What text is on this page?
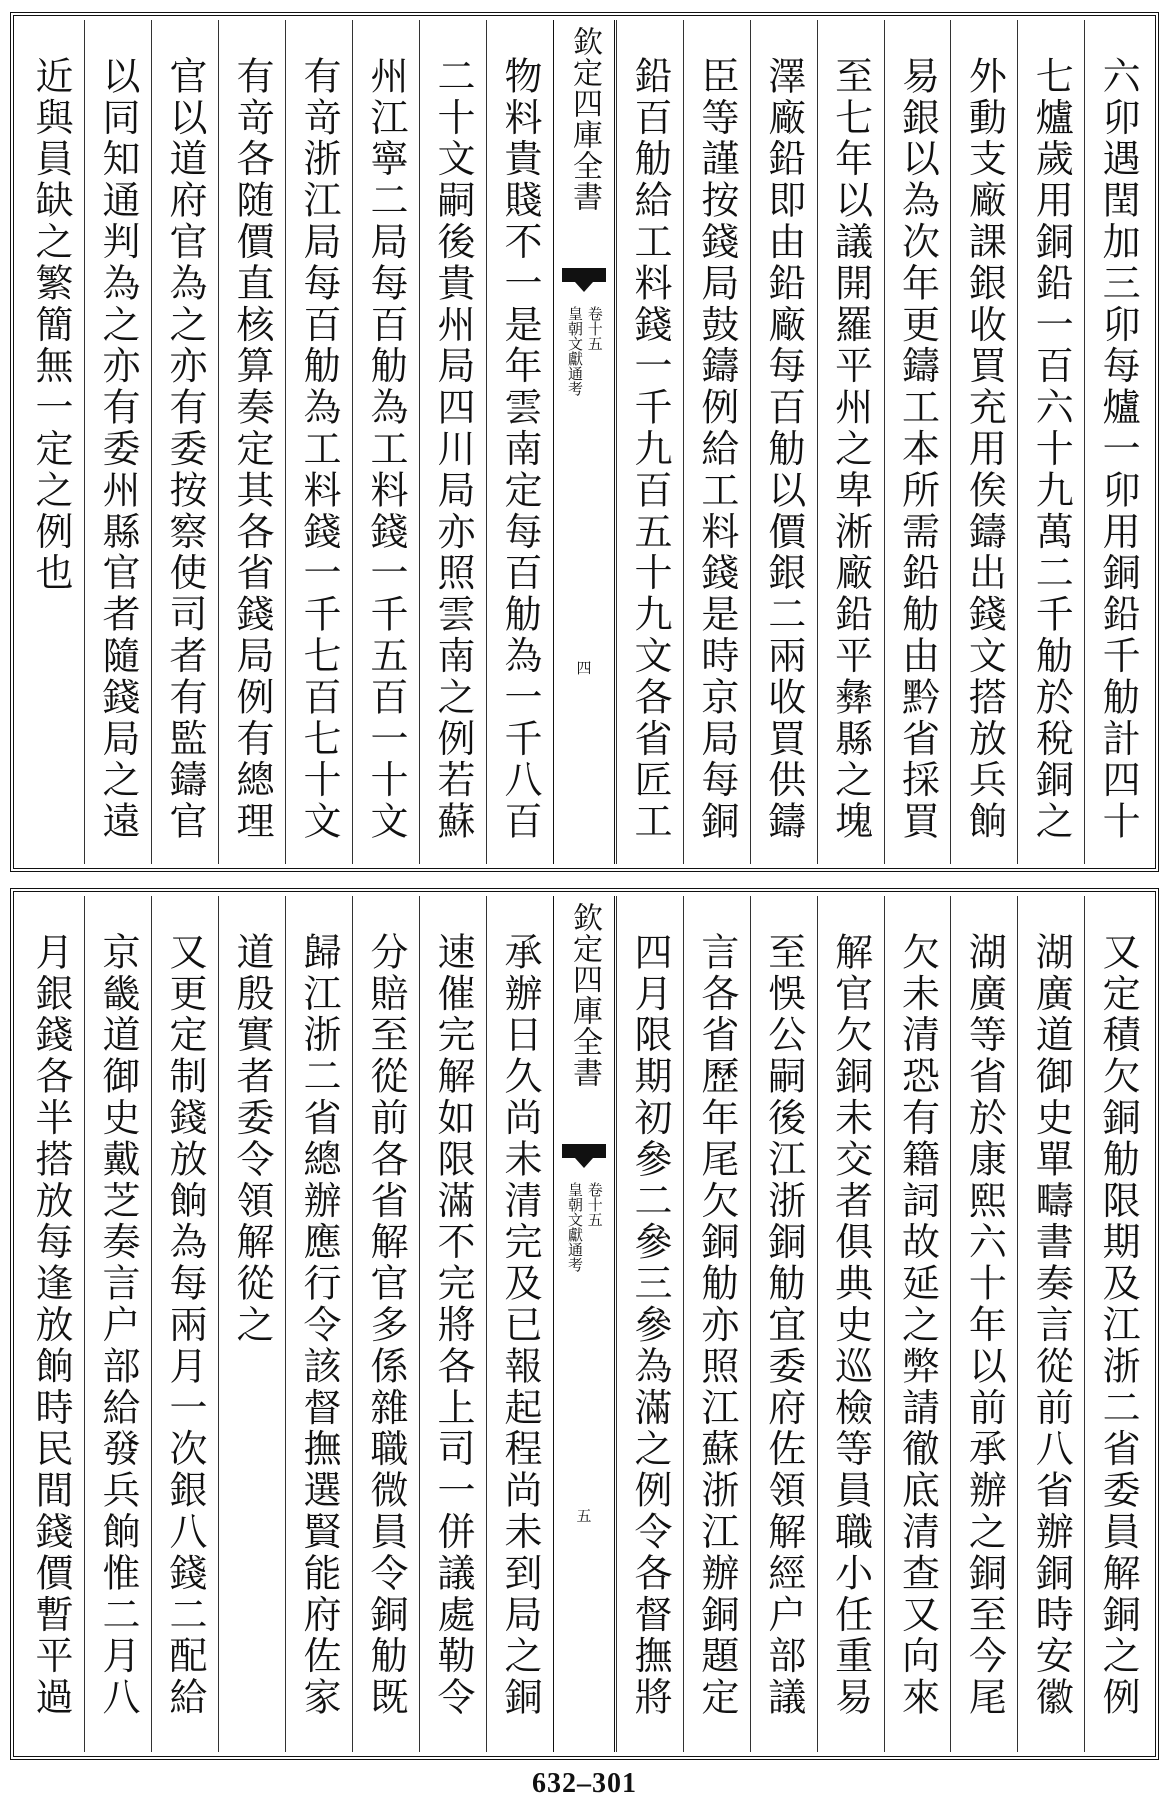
六卯遇閏加三卯每爐一卯用銅鉛千觔計四十
七爐歲用銅鉛一百六十九萬二千觔於稅銅之
外動支廠課銀收買充用俟鑄出錢文搭放兵餉
易銀以為次年更鑄工本所需鉛觔由黔省採買
至七年以議開羅平州之卑淅廠鉛平彝縣之塊
澤廠鉛即由鉛廠每百觔以價銀二兩收買供鑄
臣等謹按錢局鼓鑄例給工料錢是時京局每銅
鉛百觔給工料錢一千九百五十九文各省匠工
欽定四庫全書
皇朝文獻通考 卷十五
四
物料貴賤不一是年雲南定每百觔為一千八百
二十文嗣後貴州局四川局亦照雲南之例若蘇
州江寧二局每百觔為工料錢一千五百一十文
有竒浙江局每百觔為工料錢一千七百七十文
有竒各随價直核算奏定其各省錢局例有總理
官以道府官為之亦有委按察使司者有監鑄官
以同知通判為之亦有委州縣官者隨錢局之遠
近與員缺之繁簡無一定之例也
又定積欠銅觔限期及江浙二省委員解銅之例
湖廣道御史單疇書奏言從前八省辦銅時安徽
湖廣等省於康熙六十年以前承辦之銅至今尾
欠未清恐有籍詞故延之弊請徹底清查又向來
解官欠銅未交者俱典史巡檢等員職小任重易
至悞公嗣後江浙銅觔宜委府佐領解經户部議
言各省歷年尾欠銅觔亦照江蘇浙江辦銅題定
四月限期初參二參三參為滿之例令各督撫將
欽定四庫全書
皇朝文獻通考 卷十五
五
承辦日久尚未清完及已報起程尚未到局之銅
速催完解如限滿不完將各上司一併議處勒令
分賠至從前各省解官多係雜職微員令銅觔既
歸江浙二省總辦應行令該督撫選賢能府佐家
道殷實者委令領解從之
又更定制錢放餉為每兩月一次銀八錢二配給
京畿道御史戴芝奏言户部給發兵餉惟二月八
月銀錢各半搭放每逢放餉時民間錢價暫平過
632–301
